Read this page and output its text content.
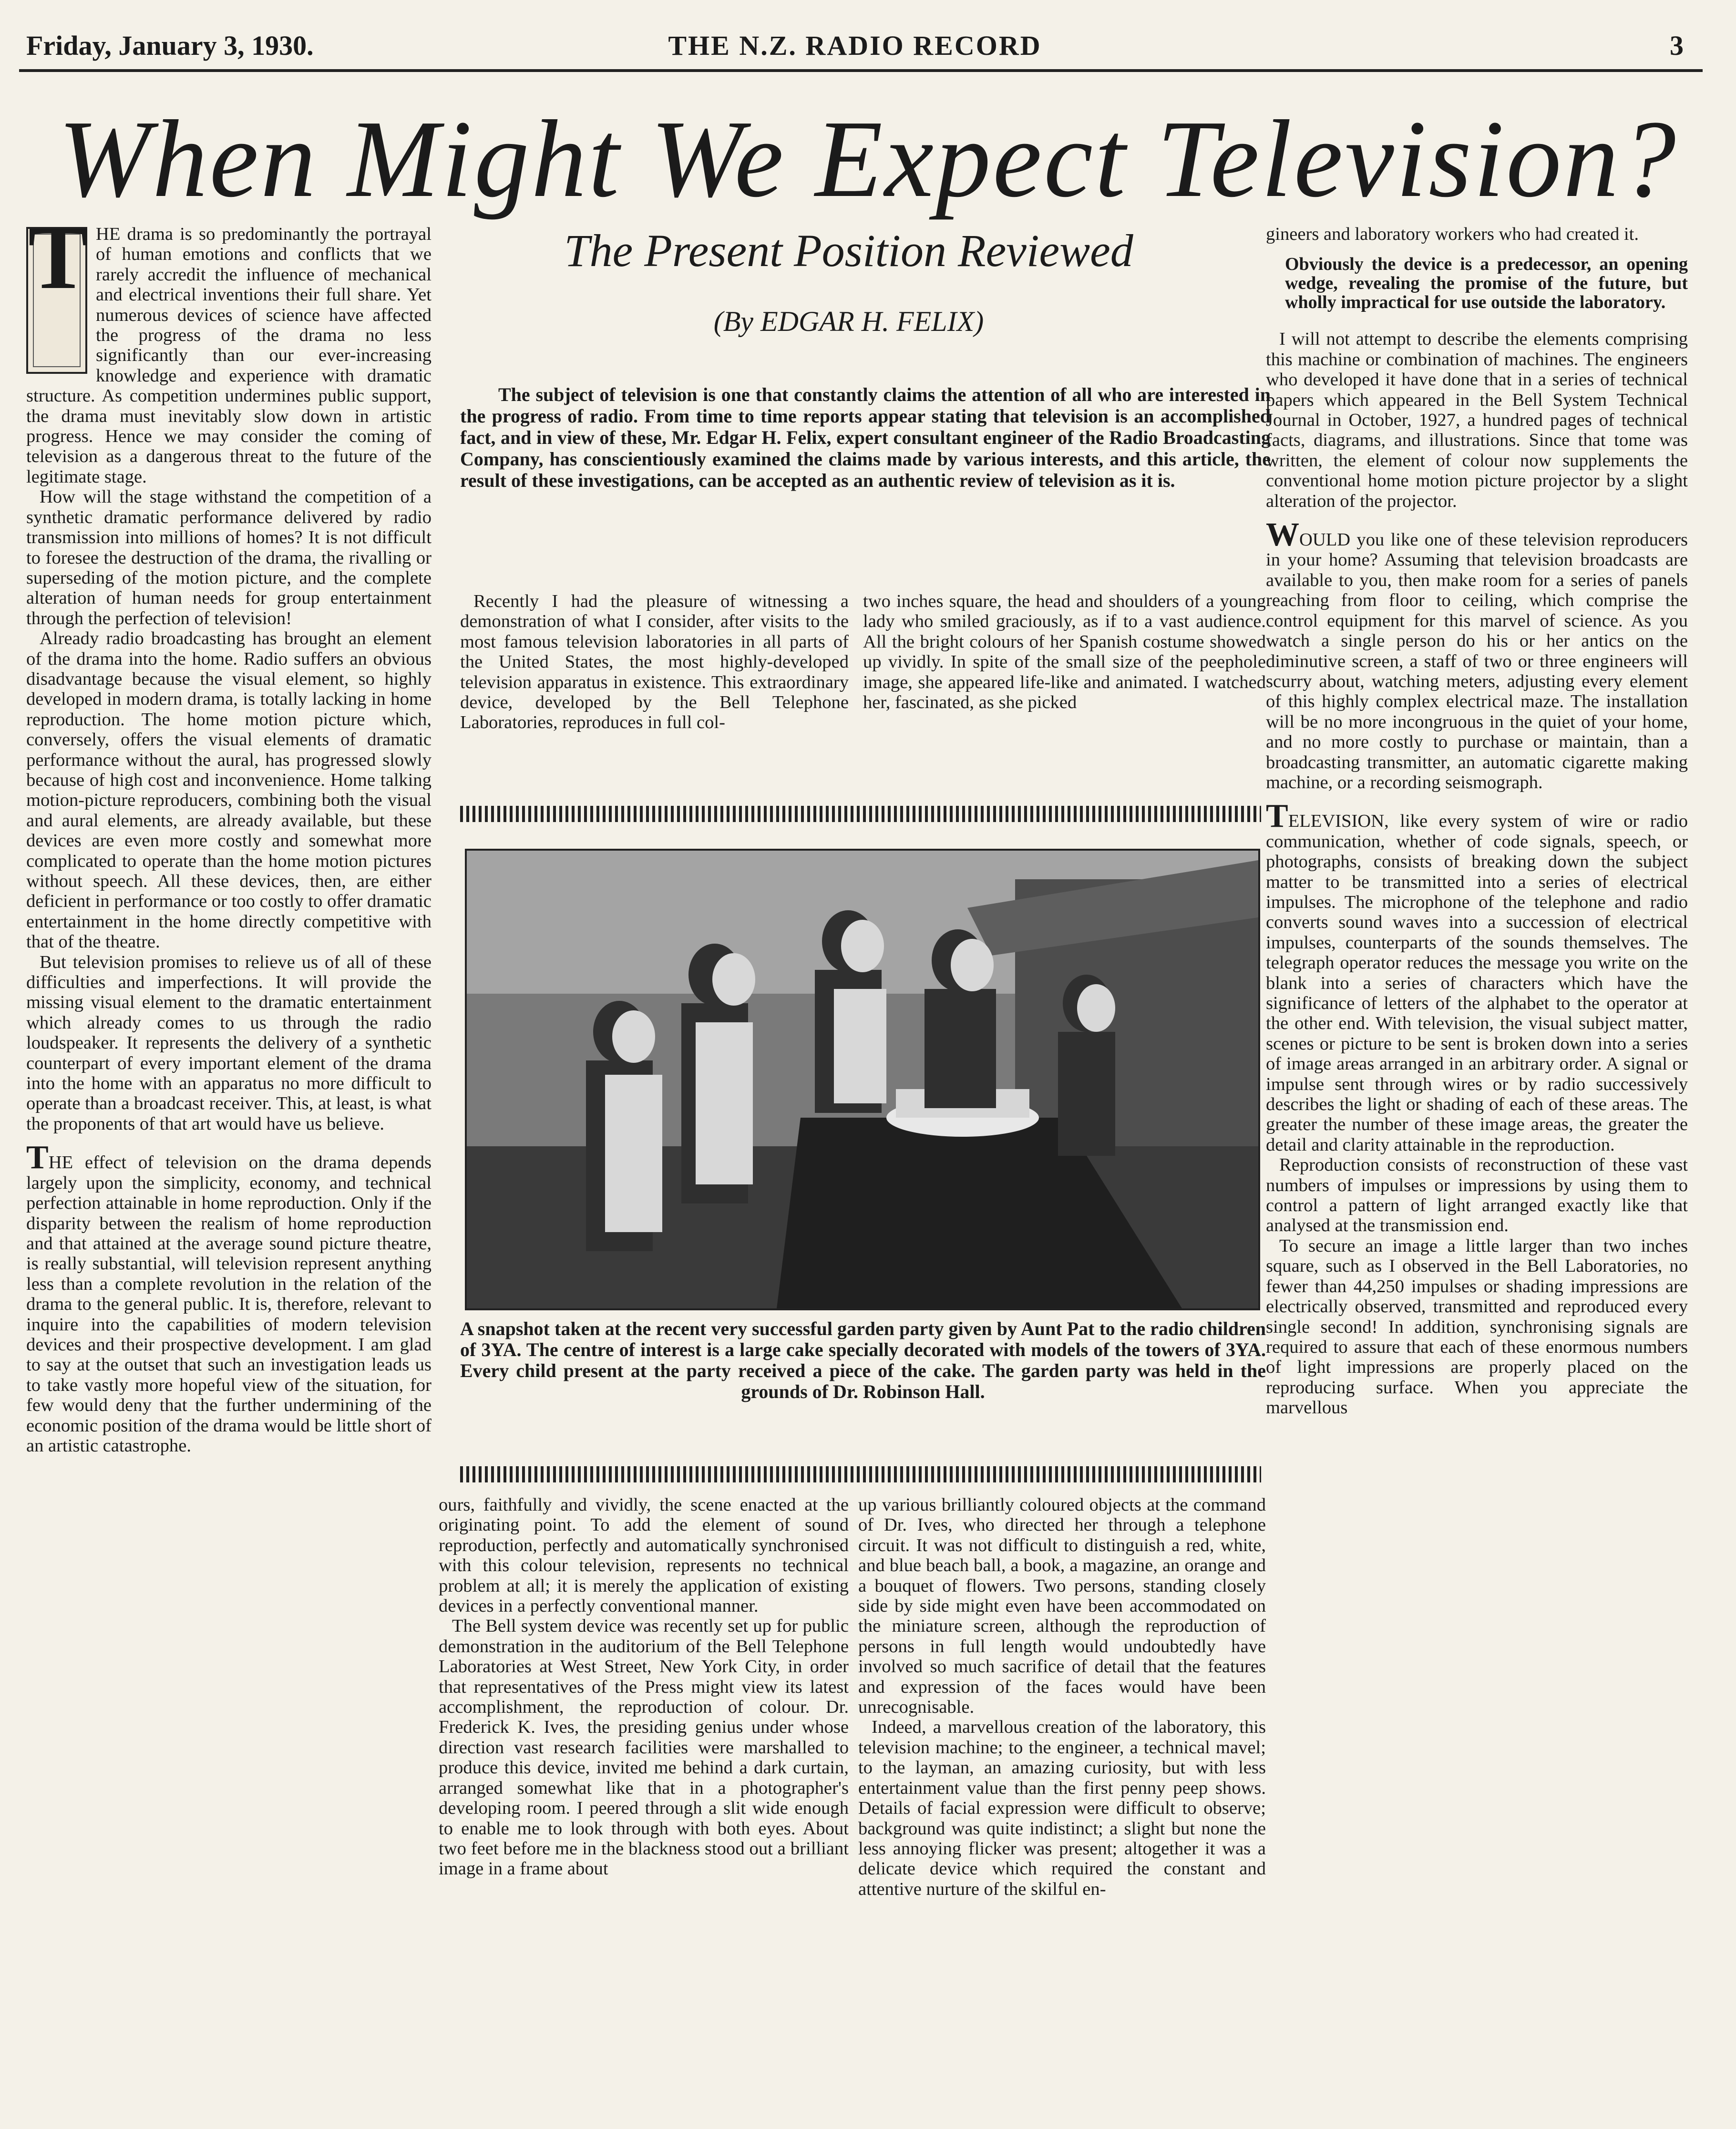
Friday, January 3, 1930.	THE N.Z. RADIO RECORD	3
When Might We Expect Television?
T HE drama is so predominantly the portrayal of human emotions and conflicts that we rarely accredit the influence of mechanical and electrical inventions their full share. Yet numerous devices of science have affected the progress of the drama no less significantly than our ever-increasing knowledge and experience with dramatic structure. As competition undermines public support, the drama must inevitably slow down in artistic progress. Hence we may consider the coming of television as a dangerous threat to the future of the legitimate stage.

How will the stage withstand the competition of a synthetic dramatic performance delivered by radio transmission into millions of homes? It is not difficult to foresee the destruction of the drama, the rivalling or superseding of the motion picture, and the complete alteration of human needs for group entertainment through the perfection of television!

Already radio broadcasting has brought an element of the drama into the home. Radio suffers an obvious disadvantage because the visual element, so highly developed in modern drama, is totally lacking in home reproduction. The home motion picture which, conversely, offers the visual elements of dramatic performance without the aural, has progressed slowly because of high cost and inconvenience. Home talking motion-picture reproducers, combining both the visual and aural elements, are already available, but these devices are even more costly and somewhat more complicated to operate than the home motion pictures without speech. All these devices, then, are either deficient in performance or too costly to offer dramatic entertainment in the home directly competitive with that of the theatre.

But television promises to relieve us of all of these difficulties and imperfections. It will provide the missing visual element to the dramatic entertainment which already comes to us through the radio loudspeaker. It represents the delivery of a synthetic counterpart of every important element of the drama into the home with an apparatus no more difficult to operate than a broadcast receiver. This, at least, is what the proponents of that art would have us believe.

THE effect of television on the drama depends largely upon the simplicity, economy, and technical perfection attainable in home reproduction. Only if the disparity between the realism of home reproduction and that attained at the average sound picture theatre, is really substantial, will television represent anything less than a complete revolution in the relation of the drama to the general public. It is, therefore, relevant to inquire into the capabilities of modern television devices and their prospective development. I am glad to say at the outset that such an investigation leads us to take vastly more hopeful view of the situation, for few would deny that the further undermining of the economic position of the drama would be little short of an artistic catastrophe.

The Present Position Reviewed
(By EDGAR H. FELIX)

The subject of television is one that constantly claims the attention of all who are interested in the progress of radio. From time to time reports appear stating that television is an accomplished fact, and in view of these, Mr. Edgar H. Felix, expert consultant engineer of the Radio Broadcasting Company, has conscientiously examined the claims made by various interests, and this article, the result of these investigations, can be accepted as an authentic review of television as it is.

Recently I had the pleasure of witnessing a demonstration of what I consider, after visits to the most famous television laboratories in all parts of the United States, the most highly-developed television apparatus in existence. This extraordinary device, developed by the Bell Telephone Laboratories, reproduces in full col-

two inches square, the head and shoulders of a young lady who smiled graciously, as if to a vast audience. All the bright colours of her Spanish costume showed up vividly. In spite of the small size of the peephole image, she appeared life-like and animated. I watched her, fascinated, as she picked

A snapshot taken at the recent very successful garden party given by Aunt Pat to the radio children of 3YA. The centre of interest is a large cake specially decorated with models of the towers of 3YA. Every child present at the party received a piece of the cake. The garden party was held in the grounds of Dr. Robinson Hall.

ours, faithfully and vividly, the scene enacted at the originating point. To add the element of sound reproduction, perfectly and automatically synchronised with this colour television, represents no technical problem at all; it is merely the application of existing devices in a perfectly conventional manner.

The Bell system device was recently set up for public demonstration in the auditorium of the Bell Telephone Laboratories at West Street, New York City, in order that representatives of the Press might view its latest accomplishment, the reproduction of colour. Dr. Frederick K. Ives, the presiding genius under whose direction vast research facilities were marshalled to produce this device, invited me behind a dark curtain, arranged somewhat like that in a photographer's developing room. I peered through a slit wide enough to enable me to look through with both eyes. About two feet before me in the blackness stood out a brilliant image in a frame about

up various brilliantly coloured objects at the command of Dr. Ives, who directed her through a telephone circuit. It was not difficult to distinguish a red, white, and blue beach ball, a book, a magazine, an orange and a bouquet of flowers. Two persons, standing closely side by side might even have been accommodated on the miniature screen, although the reproduction of persons in full length would undoubtedly have involved so much sacrifice of detail that the features and expression of the faces would have been unrecognisable.

Indeed, a marvellous creation of the laboratory, this television machine; to the engineer, a technical mavel; to the layman, an amazing curiosity, but with less entertainment value than the first penny peep shows. Details of facial expression were difficult to observe; background was quite indistinct; a slight but none the less annoying flicker was present; altogether it was a delicate device which required the constant and attentive nurture of the skilful en-

gineers and laboratory workers who had created it.

Obviously the device is a predecessor, an opening wedge, revealing the promise of the future, but wholly impractical for use outside the laboratory.

I will not attempt to describe the elements comprising this machine or combination of machines. The engineers who developed it have done that in a series of technical papers which appeared in the Bell System Technical Journal in October, 1927, a hundred pages of technical facts, diagrams, and illustrations. Since that tome was written, the element of colour now supplements the conventional home motion picture projector by a slight alteration of the projector.

WOULD you like one of these television reproducers in your home? Assuming that television broadcasts are available to you, then make room for a series of panels reaching from floor to ceiling, which comprise the control equipment for this marvel of science. As you watch a single person do his or her antics on the diminutive screen, a staff of two or three engineers will scurry about, watching meters, adjusting every element of this highly complex electrical maze. The installation will be no more incongruous in the quiet of your home, and no more costly to purchase or maintain, than a broadcasting transmitter, an automatic cigarette making machine, or a recording seismograph.

TELEVISION, like every system of wire or radio communication, whether of code signals, speech, or photographs, consists of breaking down the subject matter to be transmitted into a series of electrical impulses. The microphone of the telephone and radio converts sound waves into a succession of electrical impulses, counterparts of the sounds themselves. The telegraph operator reduces the message you write on the blank into a series of characters which have the significance of letters of the alphabet to the operator at the other end. With television, the visual subject matter, scenes or picture to be sent is broken down into a series of image areas arranged in an arbitrary order. A signal or impulse sent through wires or by radio successively describes the light or shading of each of these areas. The greater the number of these image areas, the greater the detail and clarity attainable in the reproduction.

Reproduction consists of reconstruction of these vast numbers of impulses or impressions by using them to control a pattern of light arranged exactly like that analysed at the transmission end.

To secure an image a little larger than two inches square, such as I observed in the Bell Laboratories, no fewer than 44,250 impulses or shading impressions are electrically observed, transmitted and reproduced every single second! In addition, synchronising signals are required to assure that each of these enormous numbers of light impressions are properly placed on the reproducing surface. When you appreciate the marvellous
